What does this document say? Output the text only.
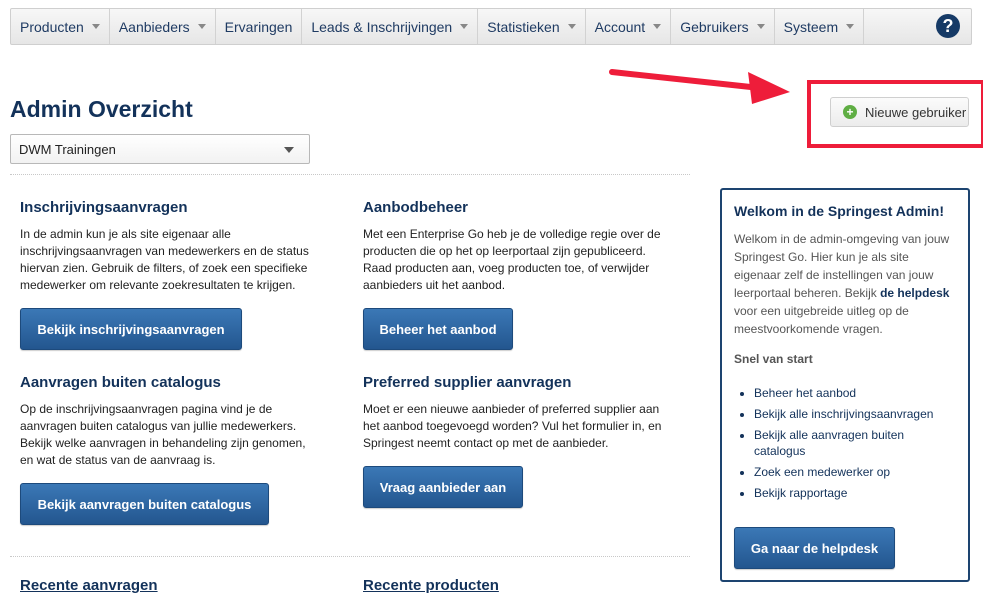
Producten	Aanbieders	Ervaringen Leads & Inschrijvingen	Statistieken	Account	Gebruikers	Systeem	?
Admin Overzicht	+ Nieuwe gebruiker
DWM Trainingen
Inschrijvingsaanvragen

In de admin kun je als site eigenaar alle inschrijvingsaanvragen van medewerkers en de status hiervan zien. Gebruik de filters, of zoek een specifieke medewerker om relevante zoekresultaten te krijgen.

Bekijk inschrijvingsaanvragen
Aanbodbeheer

Met een Enterprise Go heb je de volledige regie over de producten die op het op leerportaal zijn gepubliceerd. Raad producten aan, voeg producten toe, of verwijder aanbieders uit het aanbod.

Beheer het aanbod
Aanvragen buiten catalogus

Op de inschrijvingsaanvragen pagina vind je de aanvragen buiten catalogus van jullie medewerkers. Bekijk welke aanvragen in behandeling zijn genomen, en wat de status van de aanvraag is.

Bekijk aanvragen buiten catalogus
Preferred supplier aanvragen

Moet er een nieuwe aanbieder of preferred supplier aan het aanbod toegevoegd worden? Vul het formulier in, en Springest neemt contact op met de aanbieder.

Vraag aanbieder aan
Recente aanvragen	Recente producten
Welkom in de Springest Admin!
Welkom in de admin-omgeving van jouw Springest Go. Hier kun je als site eigenaar zelf de instellingen van jouw leerportaal beheren. Bekijk de helpdesk voor een uitgebreide uitleg op de meestvoorkomende vragen.
Snel van start
• Beheer het aanbod
• Bekijk alle inschrijvingsaanvragen
• Bekijk alle aanvragen buiten catalogus
• Zoek een medewerker op
• Bekijk rapportage
Ga naar de helpdesk
